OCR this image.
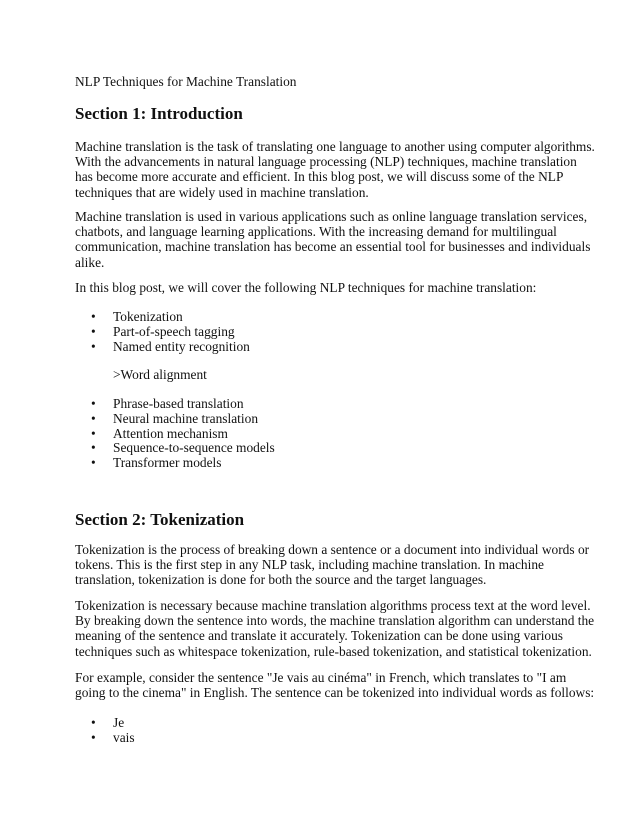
NLP Techniques for Machine Translation

Section 1: Introduction
Machine translation is the task of translating one language to another using computer algorithms.
With the advancements in natural language processing (NLP) techniques, machine translation
has become more accurate and efficient. In this blog post, we will discuss some of the NLP
techniques that are widely used in machine translation.
Machine translation is used in various applications such as online language translation services,
chatbots, and language learning applications. With the increasing demand for multilingual
communication, machine translation has become an essential tool for businesses and individuals
alike.
In this blog post, we will cover the following NLP techniques for machine translation:
• Tokenization
• Part-of-speech tagging
• Named entity recognition

>Word alignment

• Phrase-based translation
• Neural machine translation
• Attention mechanism
• Sequence-to-sequence models
• Transformer models
Section 2: Tokenization
Tokenization is the process of breaking down a sentence or a document into individual words or
tokens. This is the first step in any NLP task, including machine translation. In machine
translation, tokenization is done for both the source and the target languages.
Tokenization is necessary because machine translation algorithms process text at the word level.
By breaking down the sentence into words, the machine translation algorithm can understand the
meaning of the sentence and translate it accurately. Tokenization can be done using various
techniques such as whitespace tokenization, rule-based tokenization, and statistical tokenization.
For example, consider the sentence "Je vais au cinéma" in French, which translates to "I am
going to the cinema" in English. The sentence can be tokenized into individual words as follows:
• Je
• vais
